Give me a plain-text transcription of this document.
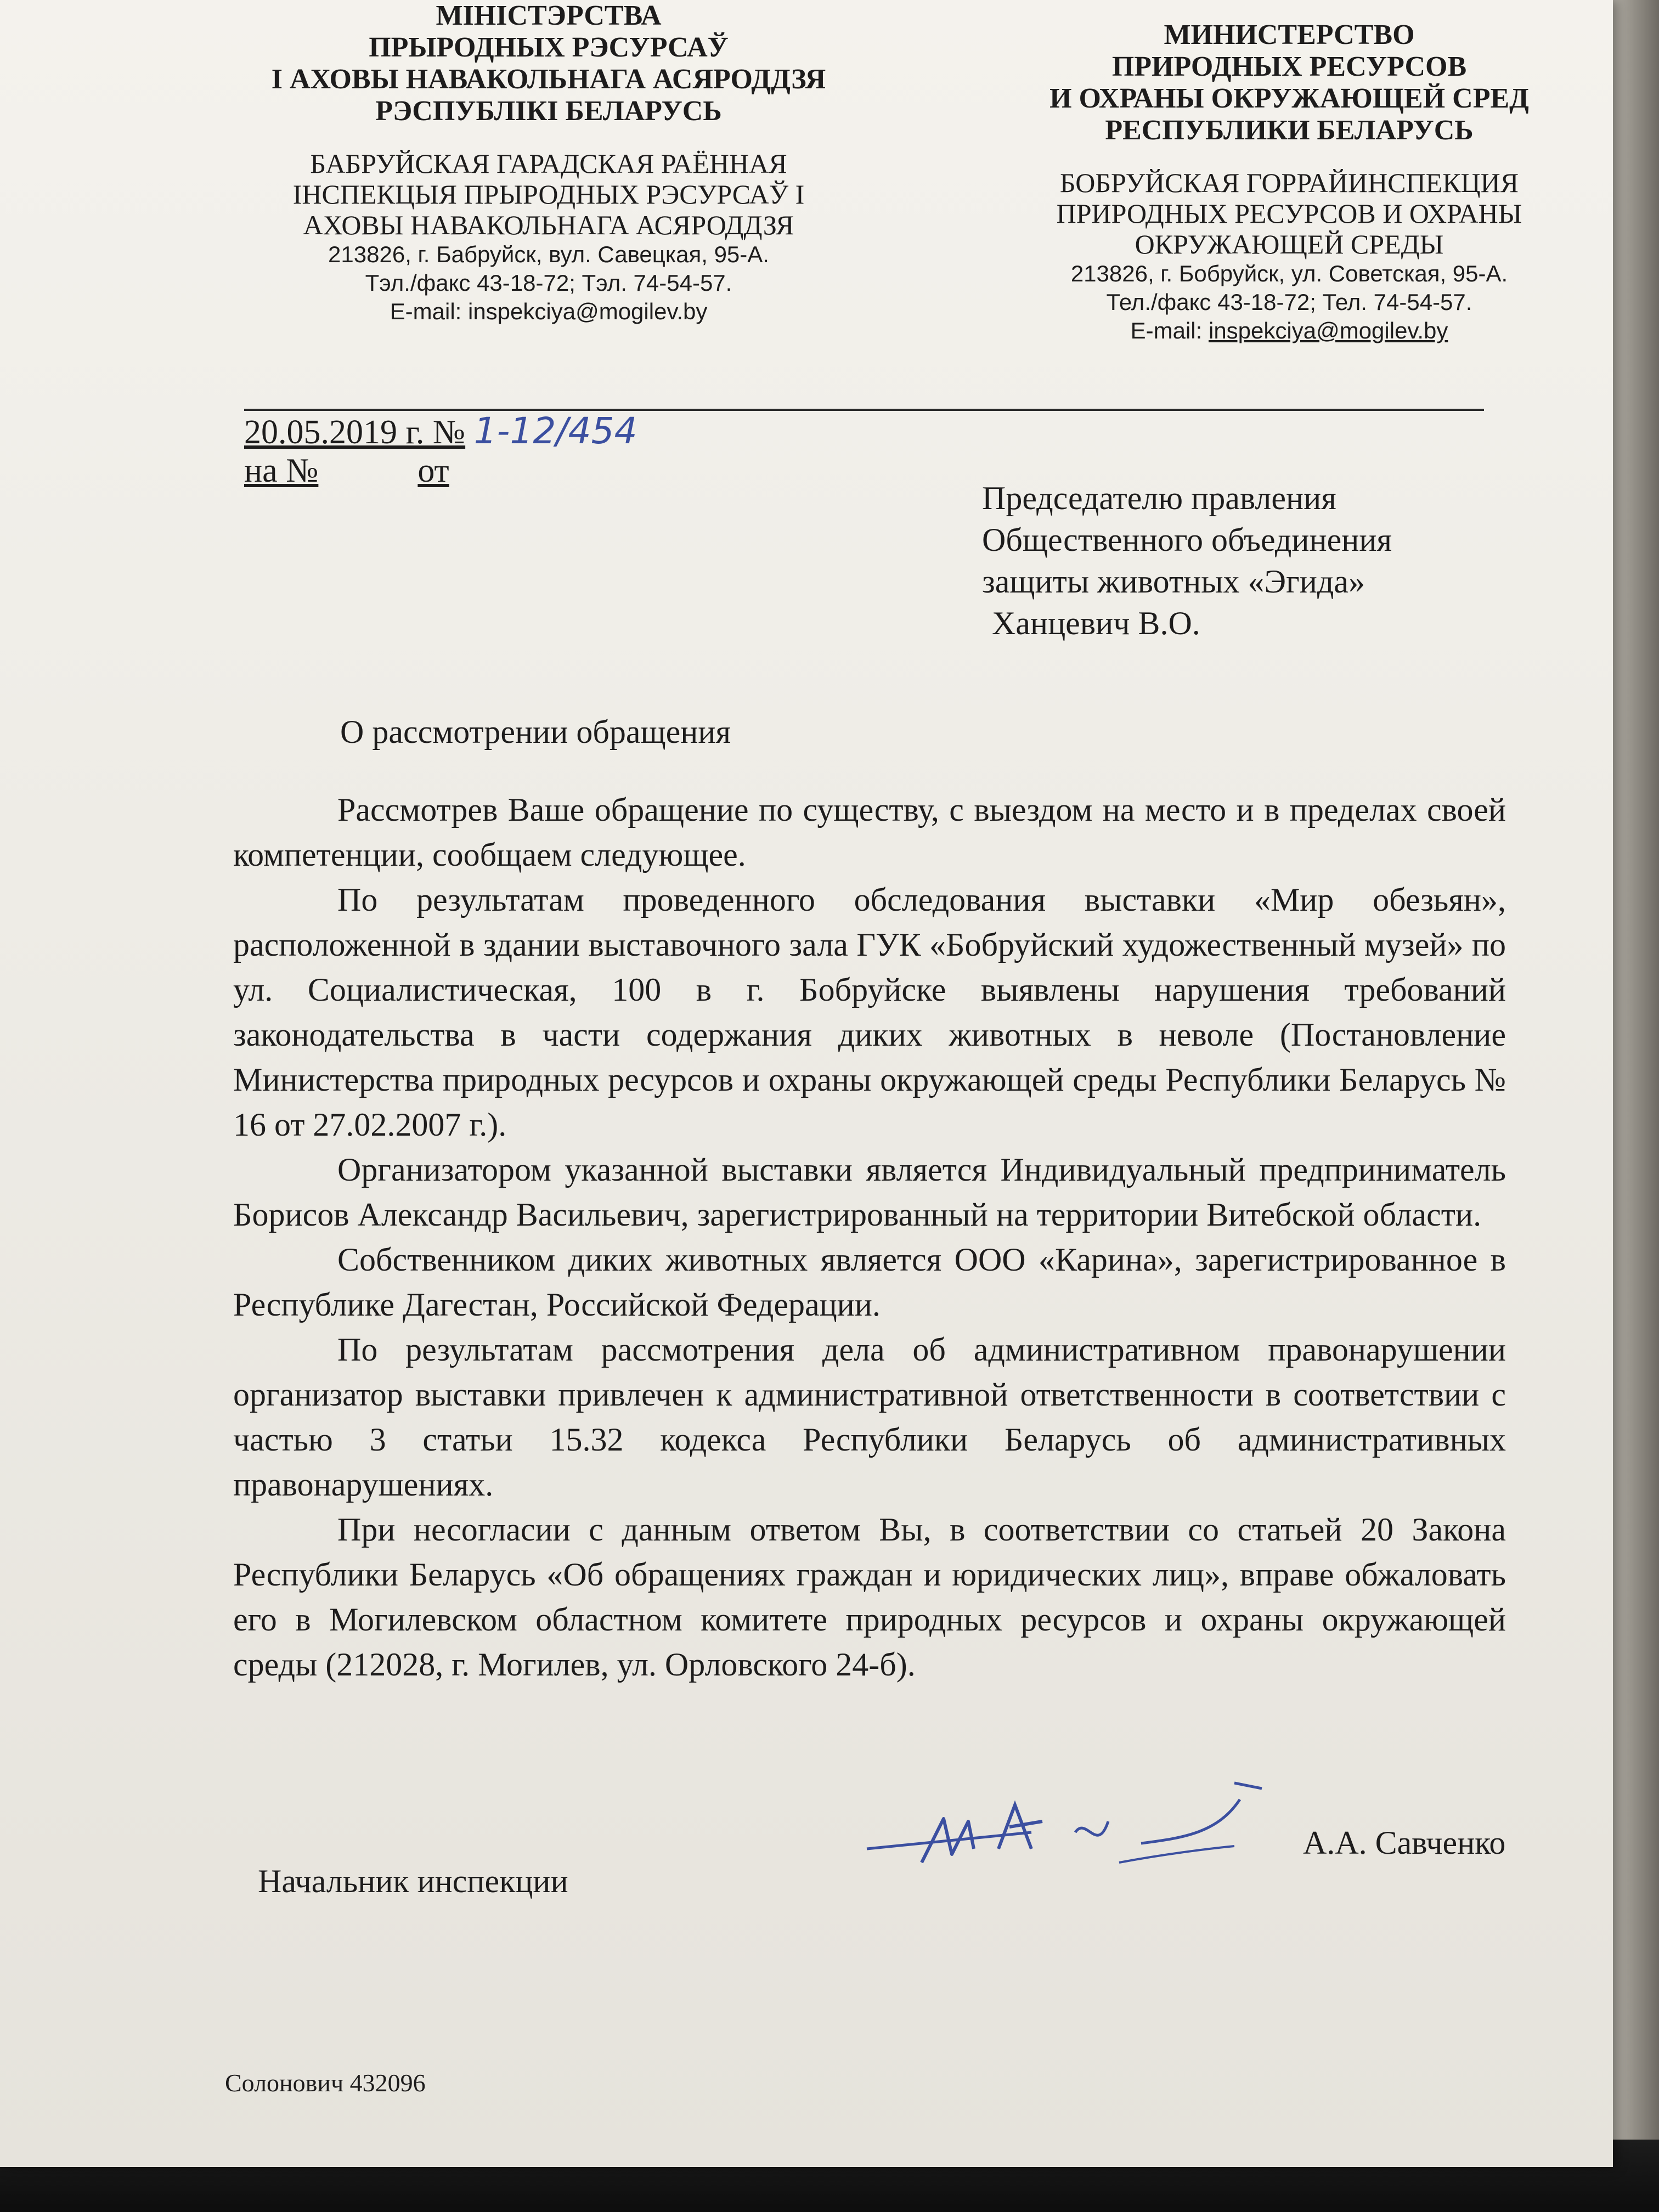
МІНІСТЭРСТВА
ПРЫРОДНЫХ РЭСУРСАЎ
І АХОВЫ НАВАКОЛЬНАГА АСЯРОДДЗЯ
РЭСПУБЛІКІ БЕЛАРУСЬ
БАБРУЙСКАЯ ГАРАДСКАЯ РАЁННАЯ
ІНСПЕКЦЫЯ ПРЫРОДНЫХ РЭСУРСАЎ І
АХОВЫ НАВАКОЛЬНАГА АСЯРОДДЗЯ
213826, г. Бабруйск, вул. Савецкая, 95-А.
Тэл./факс 43-18-72; Тэл. 74-54-57.
E-mail: inspekciya@mogilev.by
МИНИСТЕРСТВО
ПРИРОДНЫХ РЕСУРСОВ
И ОХРАНЫ ОКРУЖАЮЩЕЙ СРЕД
РЕСПУБЛИКИ БЕЛАРУСЬ
БОБРУЙСКАЯ ГОРРАЙИНСПЕКЦИЯ
ПРИРОДНЫХ РЕСУРСОВ И ОХРАНЫ
ОКРУЖАЮЩЕЙ СРЕДЫ
213826, г. Бобруйск, ул. Советская, 95-А.
Тел./факс 43-18-72; Тел. 74-54-57.
E-mail: inspekciya@mogilev.by
20.05.2019 г. № 1-12/454
на №	от
Председателю правления
Общественного объединения
защиты животных «Эгида»
Ханцевич В.О.
О рассмотрении обращения

Рассмотрев Ваше обращение по существу, с выездом на место и в пределах своей компетенции, сообщаем следующее.

По результатам проведенного обследования выставки «Мир обезьян», расположенной в здании выставочного зала ГУК «Бобруйский художественный музей» по ул. Социалистическая, 100 в г. Бобруйске выявлены нарушения требований законодательства в части содержания диких животных в неволе (Постановление Министерства природных ресурсов и охраны окружающей среды Республики Беларусь № 16 от 27.02.2007 г.).

Организатором указанной выставки является Индивидуальный предприниматель Борисов Александр Васильевич, зарегистрированный на территории Витебской области.

Собственником диких животных является ООО «Карина», зарегистрированное в Республике Дагестан, Российской Федерации.

По результатам рассмотрения дела об административном правонарушении организатор выставки привлечен к административной ответственности в соответствии с частью 3 статьи 15.32 кодекса Республики Беларусь об административных правонарушениях.

При несогласии с данным ответом Вы, в соответствии со статьей 20 Закона Республики Беларусь «Об обращениях граждан и юридических лиц», вправе обжаловать его в Могилевском областном комитете природных ресурсов и охраны окружающей среды (212028, г. Могилев, ул. Орловского 24-б).

Начальник инспекции
А.А. Савченко
Солонович 432096
